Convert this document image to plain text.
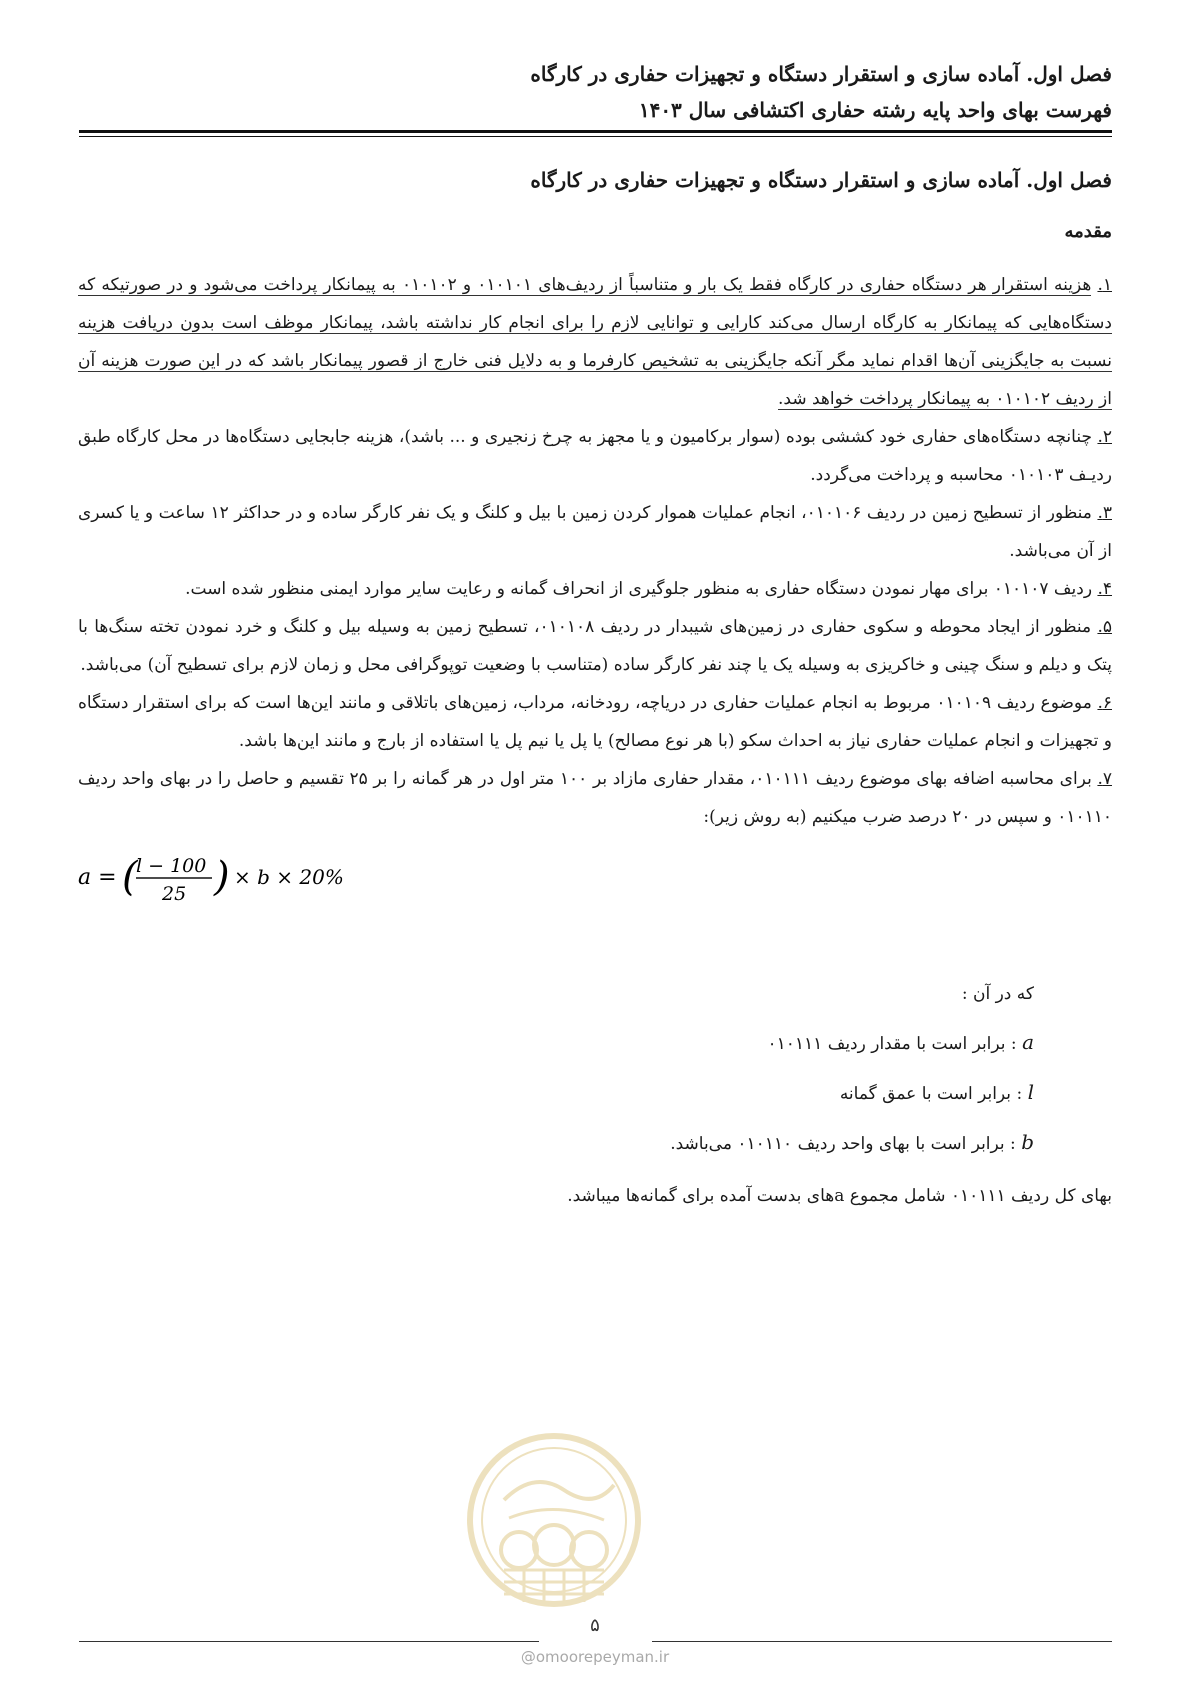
فصل اول. آماده سازی و استقرار دستگاه و تجهیزات حفاری در کارگاه
فهرست بهای واحد پایه رشته حفاری اکتشافی سال ۱۴۰۳
فصل اول. آماده سازی و استقرار دستگاه و تجهیزات حفاری در کارگاه
مقدمه

۱. هزینه استقرار هر دستگاه حفاری در کارگاه فقط یک بار و متناسباً از ردیف‌های ۰۱۰۱۰۱ و ۰۱۰۱۰۲ به پیمانکار پرداخت می‌شود و در صورتیکه که دستگاه‌هایی که پیمانکار به کارگاه ارسال می‌کند کارایی و توانایی لازم را برای انجام کار نداشته باشد، پیمانکار موظف است بدون دریافت هزینه نسبت به جایگزینی آن‌ها اقدام نماید مگر آنکه جایگزینی به تشخیص کارفرما و به دلایل فنی خارج از قصور پیمانکار باشد که در این صورت هزینه آن از ردیف ۰۱۰۱۰۲ به پیمانکار پرداخت خواهد شد.

۲. چنانچه دستگاه‌های حفاری خود کششی بوده (سوار برکامیون و یا مجهز به چرخ زنجیری و ... باشد)، هزینه جابجایی دستگاه‌ها در محل کارگاه طبق ردیـف ۰۱۰۱۰۳ محاسبه و پرداخت می‌گردد.

۳. منظور از تسطیح زمین در ردیف ۰۱۰۱۰۶، انجام عملیات هموار کردن زمین با بیل و کلنگ و یک نفر کارگر ساده و در حداکثر ۱۲ ساعت و یا کسری از آن می‌باشد.

۴. ردیف ۰۱۰۱۰۷ برای مهار نمودن دستگاه حفاری به منظور جلوگیری از انحراف گمانه و رعایت سایر موارد ایمنی منظور شده است.

۵. منظور از ایجاد محوطه و سکوی حفاری در زمین‌های شیبدار در ردیف ۰۱۰۱۰۸، تسطیح زمین به وسیله بیل و کلنگ و خرد نمودن تخته سنگ‌ها با پتک و دیلم و سنگ چینی و خاکریزی به وسیله یک یا چند نفر کارگر ساده (متناسب با وضعیت توپوگرافی محل و زمان لازم برای تسطیح آن) می‌باشد.

۶. موضوع ردیف ۰۱۰۱۰۹ مربوط به انجام عملیات حفاری در دریاچه، رودخانه، مرداب، زمین‌های باتلاقی و مانند این‌ها است که برای استقرار دستگاه و تجهیزات و انجام عملیات حفاری نیاز به احداث سکو (با هر نوع مصالح) یا پل یا نیم پل یا استفاده از بارج و مانند این‌ها باشد.

۷. برای محاسبه اضافه بهای موضوع ردیف ۰۱۰۱۱۱، مقدار حفاری مازاد بر ۱۰۰ متر اول در هر گمانه را بر ۲۵ تقسیم و حاصل را در بهای واحد ردیف ۰۱۰۱۱۰ و سپس در ۲۰ درصد ضرب میکنیم (به روش زیر):

a = (
l − 100
25 ) × b × 20%
که در آن :
a : برابر است با مقدار ردیف ۰۱۰۱۱۱
l : برابر است با عمق گمانه
b : برابر است با بهای واحد ردیف ۰۱۰۱۱۰ می‌باشد.
بهای کل ردیف ۰۱۰۱۱۱ شامل مجموع aهای بدست آمده برای گمانه‌ها میباشد.
۵
@omoorepeyman.ir
